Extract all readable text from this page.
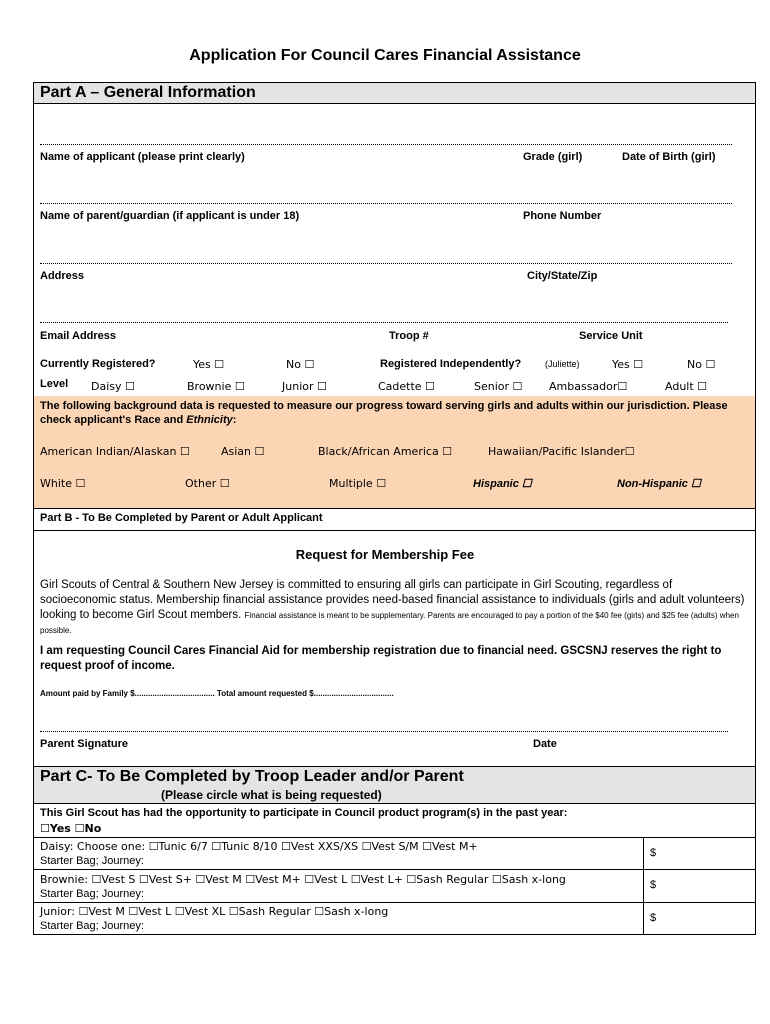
Application For Council Cares Financial Assistance
Part A – General Information
Name of applicant (please print clearly)	Grade (girl)	Date of Birth (girl)
Name of parent/guardian (if applicant is under 18)	Phone Number
Address	City/State/Zip
Email Address	Troop #	Service Unit
Currently Registered?	Yes ☐	No ☐	Registered Independently?	(Juliette)	Yes ☐	No ☐
Level Daisy ☐	Brownie ☐	Junior ☐	Cadette ☐	Senior ☐ Ambassador☐	Adult ☐
The following background data is requested to measure our progress toward serving girls and adults within our jurisdiction. Please check applicant's Race and Ethnicity:
American Indian/Alaskan ☐	Asian ☐	Black/African America ☐	Hawaiian/Pacific Islander☐
White ☐	Other ☐	Multiple ☐	Hispanic ☐	Non-Hispanic ☐
Part B - To Be Completed by Parent or Adult Applicant
Request for Membership Fee
Girl Scouts of Central & Southern New Jersey is committed to ensuring all girls can participate in Girl Scouting, regardless of socioeconomic status. Membership financial assistance provides need-based financial assistance to individuals (girls and adult volunteers) looking to become Girl Scout members. Financial assistance is meant to be supplementary. Parents are encouraged to pay a portion of the $40 fee (girls) and $25 fee (adults) when possible.
I am requesting Council Cares Financial Aid for membership registration due to financial need. GSCSNJ reserves the right to request proof of income.
Amount paid by Family $.................................... Total amount requested $....................................
Parent Signature	Date
Part C- To Be Completed by Troop Leader and/or Parent
(Please circle what is being requested)
This Girl Scout has had the opportunity to participate in Council product program(s) in the past year:
☐Yes ☐No
Daisy: Choose one: ☐Tunic 6/7 ☐Tunic 8/10 ☐Vest XXS/XS ☐Vest S/M ☐Vest M+
Starter Bag; Journey:
$
Brownie: ☐Vest S ☐Vest S+ ☐Vest M ☐Vest M+ ☐Vest L ☐Vest L+ ☐Sash Regular ☐Sash x-long
Starter Bag; Journey:
$
Junior: ☐Vest M ☐Vest L ☐Vest XL ☐Sash Regular ☐Sash x-long
Starter Bag; Journey:
$
